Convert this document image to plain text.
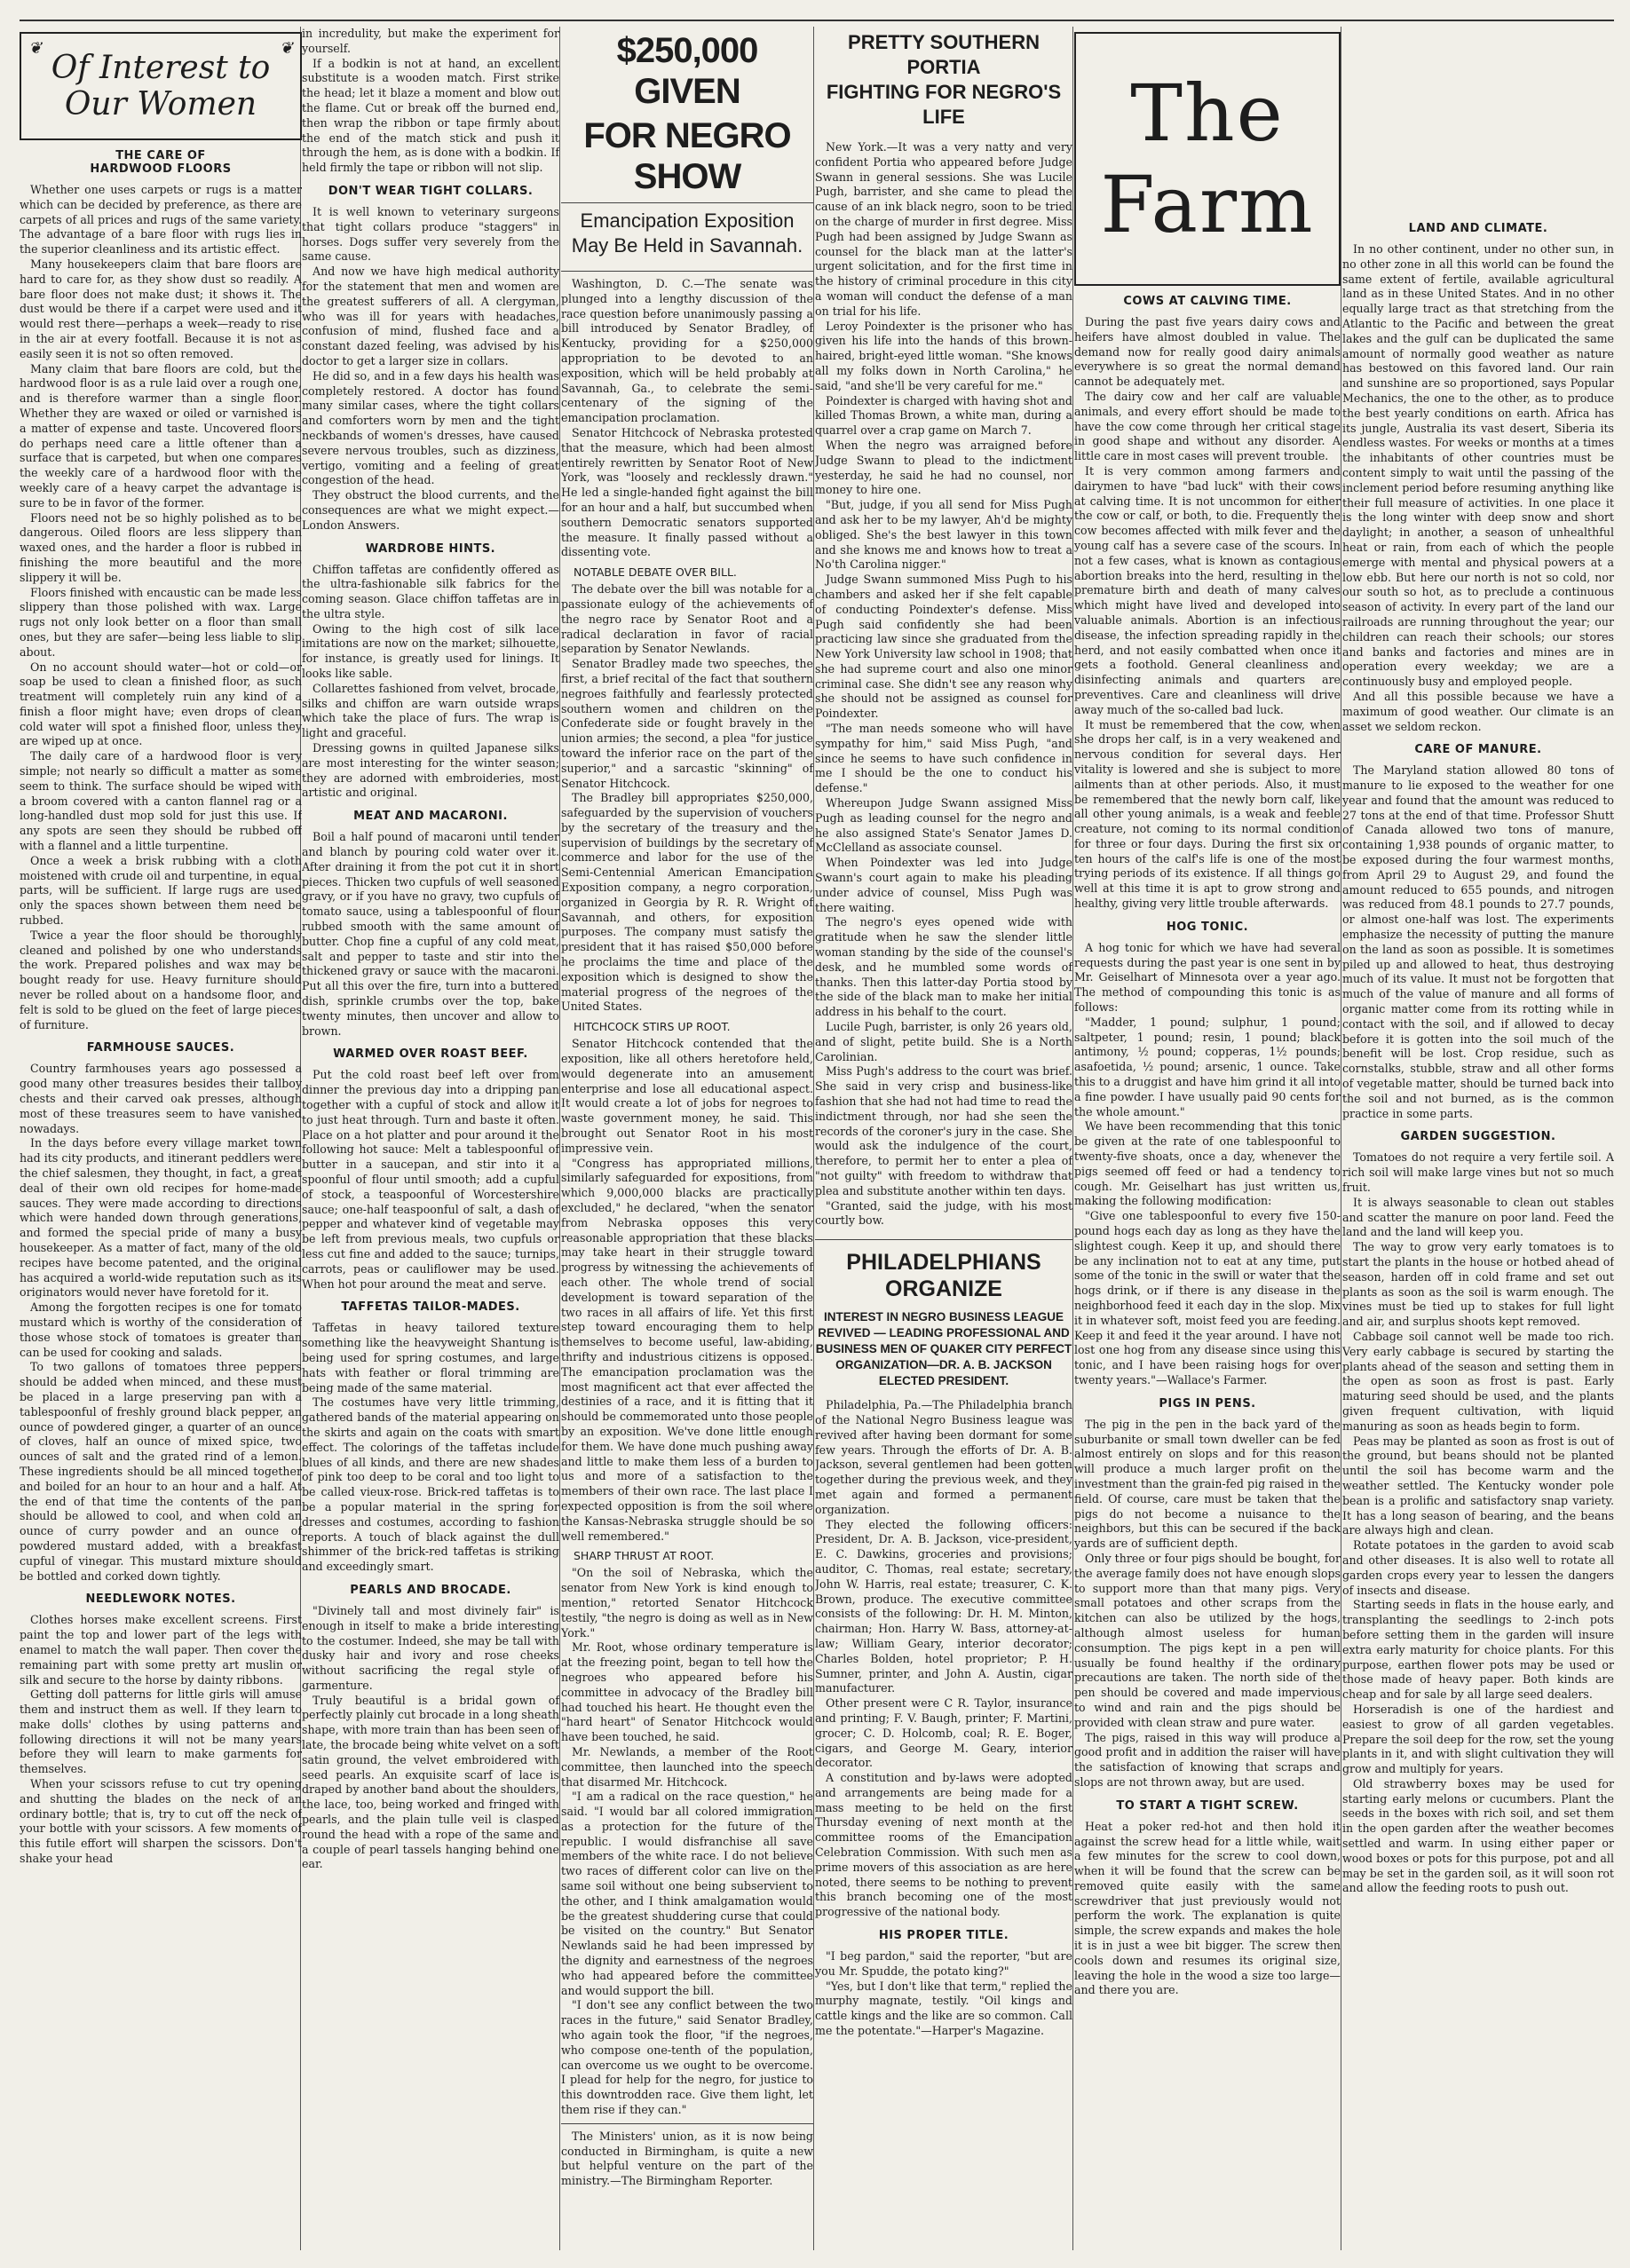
❦
Of Interest to Our Women
❦
THE CARE OF
HARDWOOD FLOORS

Whether one uses carpets or rugs is a matter which can be decided by preference, as there are carpets of all prices and rugs of the same variety. The advantage of a bare floor with rugs lies in the superior cleanliness and its artistic effect.

Many housekeepers claim that bare floors are hard to care for, as they show dust so readily. A bare floor does not make dust; it shows it. The dust would be there if a carpet were used and it would rest there—perhaps a week—ready to rise in the air at every footfall. Because it is not as easily seen it is not so often removed.

Many claim that bare floors are cold, but the hardwood floor is as a rule laid over a rough one, and is therefore warmer than a single floor. Whether they are waxed or oiled or varnished is a matter of expense and taste. Uncovered floors do perhaps need care a little oftener than a surface that is carpeted, but when one compares the weekly care of a hardwood floor with the weekly care of a heavy carpet the advantage is sure to be in favor of the former.

Floors need not be so highly polished as to be dangerous. Oiled floors are less slippery than waxed ones, and the harder a floor is rubbed in finishing the more beautiful and the more slippery it will be.

Floors finished with encaustic can be made less slippery than those polished with wax. Large rugs not only look better on a floor than small ones, but they are safer—being less liable to slip about.

On no account should water—hot or cold—or soap be used to clean a finished floor, as such treatment will completely ruin any kind of a finish a floor might have; even drops of clean cold water will spot a finished floor, unless they are wiped up at once.

The daily care of a hardwood floor is very simple; not nearly so difficult a matter as some seem to think. The surface should be wiped with a broom covered with a canton flannel rag or a long-handled dust mop sold for just this use. If any spots are seen they should be rubbed off with a flannel and a little turpentine.

Once a week a brisk rubbing with a cloth moistened with crude oil and turpentine, in equal parts, will be sufficient. If large rugs are used only the spaces shown between them need be rubbed.

Twice a year the floor should be thoroughly cleaned and polished by one who understands the work. Prepared polishes and wax may be bought ready for use. Heavy furniture should never be rolled about on a handsome floor, and felt is sold to be glued on the feet of large pieces of furniture.

FARMHOUSE SAUCES.

Country farmhouses years ago possessed a good many other treasures besides their tallboy chests and their carved oak presses, although most of these treasures seem to have vanished nowadays.

In the days before every village market town had its city products, and itinerant peddlers were the chief salesmen, they thought, in fact, a great deal of their own old recipes for home-made sauces. They were made according to directions which were handed down through generations, and formed the special pride of many a busy housekeeper. As a matter of fact, many of the old recipes have become patented, and the original has acquired a world-wide reputation such as its originators would never have foretold for it.

Among the forgotten recipes is one for tomato mustard which is worthy of the consideration of those whose stock of tomatoes is greater than can be used for cooking and salads.

To two gallons of tomatoes three peppers should be added when minced, and these must be placed in a large preserving pan with a tablespoonful of freshly ground black pepper, an ounce of powdered ginger, a quarter of an ounce of cloves, half an ounce of mixed spice, two ounces of salt and the grated rind of a lemon. These ingredients should be all minced together and boiled for an hour to an hour and a half. At the end of that time the contents of the pan should be allowed to cool, and when cold an ounce of curry powder and an ounce of powdered mustard added, with a breakfast cupful of vinegar. This mustard mixture should be bottled and corked down tightly.

NEEDLEWORK NOTES.

Clothes horses make excellent screens. First paint the top and lower part of the legs with enamel to match the wall paper. Then cover the remaining part with some pretty art muslin or silk and secure to the horse by dainty ribbons.

Getting doll patterns for little girls will amuse them and instruct them as well. If they learn to make dolls' clothes by using patterns and following directions it will not be many years before they will learn to make garments for themselves.

When your scissors refuse to cut try opening and shutting the blades on the neck of an ordinary bottle; that is, try to cut off the neck of your bottle with your scissors. A few moments of this futile effort will sharpen the scissors. Don't shake your head

in incredulity, but make the experiment for yourself.

If a bodkin is not at hand, an excellent substitute is a wooden match. First strike the head; let it blaze a moment and blow out the flame. Cut or break off the burned end, then wrap the ribbon or tape firmly about the end of the match stick and push it through the hem, as is done with a bodkin. If held firmly the tape or ribbon will not slip.

DON'T WEAR TIGHT COLLARS.

It is well known to veterinary surgeons that tight collars produce "staggers" in horses. Dogs suffer very severely from the same cause.

And now we have high medical authority for the statement that men and women are the greatest sufferers of all. A clergyman, who was ill for years with headaches, confusion of mind, flushed face and a constant dazed feeling, was advised by his doctor to get a larger size in collars.

He did so, and in a few days his health was completely restored. A doctor has found many similar cases, where the tight collars and comforters worn by men and the tight neckbands of women's dresses, have caused severe nervous troubles, such as dizziness, vertigo, vomiting and a feeling of great congestion of the head.

They obstruct the blood currents, and the consequences are what we might expect.—London Answers.

WARDROBE HINTS.

Chiffon taffetas are confidently offered as the ultra-fashionable silk fabrics for the coming season. Glace chiffon taffetas are in the ultra style.

Owing to the high cost of silk lace imitations are now on the market; silhouette, for instance, is greatly used for linings. It looks like sable.

Collarettes fashioned from velvet, brocade, silks and chiffon are warn outside wraps which take the place of furs. The wrap is light and graceful.

Dressing gowns in quilted Japanese silks are most interesting for the winter season; they are adorned with embroideries, most artistic and original.

MEAT AND MACARONI.

Boil a half pound of macaroni until tender and blanch by pouring cold water over it. After draining it from the pot cut it in short pieces. Thicken two cupfuls of well seasoned gravy, or if you have no gravy, two cupfuls of tomato sauce, using a tablespoonful of flour rubbed smooth with the same amount of butter. Chop fine a cupful of any cold meat, salt and pepper to taste and stir into the thickened gravy or sauce with the macaroni. Put all this over the fire, turn into a buttered dish, sprinkle crumbs over the top, bake twenty minutes, then uncover and allow to brown.

WARMED OVER ROAST BEEF.

Put the cold roast beef left over from dinner the previous day into a dripping pan together with a cupful of stock and allow it to just heat through. Turn and baste it often. Place on a hot platter and pour around it the following hot sauce: Melt a tablespoonful of butter in a saucepan, and stir into it a spoonful of flour until smooth; add a cupful of stock, a teaspoonful of Worcestershire sauce; one-half teaspoonful of salt, a dash of pepper and whatever kind of vegetable may be left from previous meals, two cupfuls or less cut fine and added to the sauce; turnips, carrots, peas or cauliflower may be used. When hot pour around the meat and serve.

TAFFETAS TAILOR-MADES.

Taffetas in heavy tailored texture something like the heavyweight Shantung is being used for spring costumes, and large hats with feather or floral trimming are being made of the same material.

The costumes have very little trimming, gathered bands of the material appearing on the skirts and again on the coats with smart effect. The colorings of the taffetas include blues of all kinds, and there are new shades of pink too deep to be coral and too light to be called vieux-rose. Brick-red taffetas is to be a popular material in the spring for dresses and costumes, according to fashion reports. A touch of black against the dull shimmer of the brick-red taffetas is striking and exceedingly smart.

PEARLS AND BROCADE.

"Divinely tall and most divinely fair" is enough in itself to make a bride interesting to the costumer. Indeed, she may be tall with dusky hair and ivory and rose cheeks without sacrificing the regal style of garmenture.

Truly beautiful is a bridal gown of perfectly plainly cut brocade in a long sheath shape, with more train than has been seen of late, the brocade being white velvet on a soft satin ground, the velvet embroidered with seed pearls. An exquisite scarf of lace is draped by another band about the shoulders, the lace, too, being worked and fringed with pearls, and the plain tulle veil is clasped round the head with a rope of the same and a couple of pearl tassels hanging behind one ear.

$250,000 GIVEN
FOR NEGRO SHOW
Emancipation Exposition May Be Held in Savannah.

Washington, D. C.—The senate was plunged into a lengthy discussion of the race question before unanimously passing a bill introduced by Senator Bradley, of Kentucky, providing for a $250,000 appropriation to be devoted to an exposition, which will be held probably at Savannah, Ga., to celebrate the semi-centenary of the signing of the emancipation proclamation.

Senator Hitchcock of Nebraska protested that the measure, which had been almost entirely rewritten by Senator Root of New York, was "loosely and recklessly drawn." He led a single-handed fight against the bill for an hour and a half, but succumbed when southern Democratic senators supported the measure. It finally passed without a dissenting vote.

NOTABLE DEBATE OVER BILL.

The debate over the bill was notable for a passionate eulogy of the achievements of the negro race by Senator Root and a radical declaration in favor of racial separation by Senator Newlands.

Senator Bradley made two speeches, the first, a brief recital of the fact that southern negroes faithfully and fearlessly protected southern women and children on the Confederate side or fought bravely in the union armies; the second, a plea "for justice toward the inferior race on the part of the superior," and a sarcastic "skinning" of Senator Hitchcock.

The Bradley bill appropriates $250,000, safeguarded by the supervision of vouchers by the secretary of the treasury and the supervision of buildings by the secretary of commerce and labor for the use of the Semi-Centennial American Emancipation Exposition company, a negro corporation, organized in Georgia by R. R. Wright of Savannah, and others, for exposition purposes. The company must satisfy the president that it has raised $50,000 before he proclaims the time and place of the exposition which is designed to show the material progress of the negroes of the United States.

HITCHCOCK STIRS UP ROOT.

Senator Hitchcock contended that the exposition, like all others heretofore held, would degenerate into an amusement enterprise and lose all educational aspect. It would create a lot of jobs for negroes to waste government money, he said. This brought out Senator Root in his most impressive vein.

"Congress has appropriated millions, similarly safeguarded for expositions, from which 9,000,000 blacks are practically excluded," he declared, "when the senator from Nebraska opposes this very reasonable appropriation that these blacks may take heart in their struggle toward progress by witnessing the achievements of each other. The whole trend of social development is toward separation of the two races in all affairs of life. Yet this first step toward encouraging them to help themselves to become useful, law-abiding, thrifty and industrious citizens is opposed. The emancipation proclamation was the most magnificent act that ever affected the destinies of a race, and it is fitting that it should be commemorated unto those people by an exposition. We've done little enough for them. We have done much pushing away and little to make them less of a burden to us and more of a satisfaction to the members of their own race. The last place I expected opposition is from the soil where the Kansas-Nebraska struggle should be so well remembered."

SHARP THRUST AT ROOT.

"On the soil of Nebraska, which the senator from New York is kind enough to mention," retorted Senator Hitchcock testily, "the negro is doing as well as in New York."

Mr. Root, whose ordinary temperature is at the freezing point, began to tell how the negroes who appeared before his committee in advocacy of the Bradley bill had touched his heart. He thought even the "hard heart" of Senator Hitchcock would have been touched, he said.

Mr. Newlands, a member of the Root committee, then launched into the speech that disarmed Mr. Hitchcock.

"I am a radical on the race question," he said. "I would bar all colored immigration as a protection for the future of the republic. I would disfranchise all save members of the white race. I do not believe two races of different color can live on the same soil without one being subservient to the other, and I think amalgamation would be the greatest shuddering curse that could be visited on the country." But Senator Newlands said he had been impressed by the dignity and earnestness of the negroes who had appeared before the committee and would support the bill.

"I don't see any conflict between the two races in the future," said Senator Bradley, who again took the floor, "if the negroes, who compose one-tenth of the population, can overcome us we ought to be overcome. I plead for help for the negro, for justice to this downtrodden race. Give them light, let them rise if they can."

The Ministers' union, as it is now being conducted in Birmingham, is quite a new but helpful venture on the part of the ministry.—The Birmingham Reporter.

PRETTY SOUTHERN PORTIA
FIGHTING FOR NEGRO'S LIFE

New York.—It was a very natty and very confident Portia who appeared before Judge Swann in general sessions. She was Lucile Pugh, barrister, and she came to plead the cause of an ink black negro, soon to be tried on the charge of murder in first degree. Miss Pugh had been assigned by Judge Swann as counsel for the black man at the latter's urgent solicitation, and for the first time in the history of criminal procedure in this city a woman will conduct the defense of a man on trial for his life.

Leroy Poindexter is the prisoner who has given his life into the hands of this brown-haired, bright-eyed little woman. "She knows all my folks down in North Carolina," he said, "and she'll be very careful for me."

Poindexter is charged with having shot and killed Thomas Brown, a white man, during a quarrel over a crap game on March 7.

When the negro was arraigned before Judge Swann to plead to the indictment yesterday, he said he had no counsel, nor money to hire one.

"But, judge, if you all send for Miss Pugh and ask her to be my lawyer, Ah'd be mighty obliged. She's the best lawyer in this town and she knows me and knows how to treat a No'th Carolina nigger."

Judge Swann summoned Miss Pugh to his chambers and asked her if she felt capable of conducting Poindexter's defense. Miss Pugh said confidently she had been practicing law since she graduated from the New York University law school in 1908; that she had supreme court and also one minor criminal case. She didn't see any reason why she should not be assigned as counsel for Poindexter.

"The man needs someone who will have sympathy for him," said Miss Pugh, "and since he seems to have such confidence in me I should be the one to conduct his defense."

Whereupon Judge Swann assigned Miss Pugh as leading counsel for the negro and he also assigned State's Senator James D. McClelland as associate counsel.

When Poindexter was led into Judge Swann's court again to make his pleading under advice of counsel, Miss Pugh was there waiting.

The negro's eyes opened wide with gratitude when he saw the slender little woman standing by the side of the counsel's desk, and he mumbled some words of thanks. Then this latter-day Portia stood by the side of the black man to make her initial address in his behalf to the court.

Lucile Pugh, barrister, is only 26 years old, and of slight, petite build. She is a North Carolinian.

Miss Pugh's address to the court was brief. She said in very crisp and business-like fashion that she had not had time to read the indictment through, nor had she seen the records of the coroner's jury in the case. She would ask the indulgence of the court, therefore, to permit her to enter a plea of "not guilty" with freedom to withdraw that plea and substitute another within ten days.

"Granted, said the judge, with his most courtly bow.

PHILADELPHIANS ORGANIZE
INTEREST IN NEGRO BUSINESS LEAGUE REVIVED — LEADING PROFESSIONAL AND BUSINESS MEN OF QUAKER CITY PERFECT ORGANIZATION—DR. A. B. JACKSON ELECTED PRESIDENT.

Philadelphia, Pa.—The Philadelphia branch of the National Negro Business league was revived after having been dormant for some few years. Through the efforts of Dr. A. B. Jackson, several gentlemen had been gotten together during the previous week, and they met again and formed a permanent organization.

They elected the following officers: President, Dr. A. B. Jackson, vice-president, E. C. Dawkins, groceries and provisions; auditor, C. Thomas, real estate; secretary, John W. Harris, real estate; treasurer, C. K. Brown, produce. The executive committee consists of the following: Dr. H. M. Minton, chairman; Hon. Harry W. Bass, attorney-at-law; William Geary, interior decorator; Charles Bolden, hotel proprietor; P. H. Sumner, printer, and John A. Austin, cigar manufacturer.

Other present were C R. Taylor, insurance and printing; F. V. Baugh, printer; F. Martini, grocer; C. D. Holcomb, coal; R. E. Boger, cigars, and George M. Geary, interior decorator.

A constitution and by-laws were adopted and arrangements are being made for a mass meeting to be held on the first Thursday evening of next month at the committee rooms of the Emancipation Celebration Commission. With such men as prime movers of this association as are here noted, there seems to be nothing to prevent this branch becoming one of the most progressive of the national body.

HIS PROPER TITLE.

"I beg pardon," said the reporter, "but are you Mr. Spudde, the potato king?"

"Yes, but I don't like that term," replied the murphy magnate, testily. "Oil kings and cattle kings and the like are so common. Call me the potentate."—Harper's Magazine.

The Farm
COWS AT CALVING TIME.

During the past five years dairy cows and heifers have almost doubled in value. The demand now for really good dairy animals everywhere is so great the normal demand cannot be adequately met.

The dairy cow and her calf are valuable animals, and every effort should be made to have the cow come through her critical stage in good shape and without any disorder. A little care in most cases will prevent trouble.

It is very common among farmers and dairymen to have "bad luck" with their cows at calving time. It is not uncommon for either the cow or calf, or both, to die. Frequently the cow becomes affected with milk fever and the young calf has a severe case of the scours. In not a few cases, what is known as contagious abortion breaks into the herd, resulting in the premature birth and death of many calves which might have lived and developed into valuable animals. Abortion is an infectious disease, the infection spreading rapidly in the herd, and not easily combatted when once it gets a foothold. General cleanliness and disinfecting animals and quarters are preventives. Care and cleanliness will drive away much of the so-called bad luck.

It must be remembered that the cow, when she drops her calf, is in a very weakened and nervous condition for several days. Her vitality is lowered and she is subject to more ailments than at other periods. Also, it must be remembered that the newly born calf, like all other young animals, is a weak and feeble creature, not coming to its normal condition for three or four days. During the first six or ten hours of the calf's life is one of the most trying periods of its existence. If all things go well at this time it is apt to grow strong and healthy, giving very little trouble afterwards.

HOG TONIC.

A hog tonic for which we have had several requests during the past year is one sent in by Mr. Geiselhart of Minnesota over a year ago. The method of compounding this tonic is as follows:

"Madder, 1 pound; sulphur, 1 pound; saltpeter, 1 pound; resin, 1 pound; black antimony, ½ pound; copperas, 1½ pounds; asafoetida, ½ pound; arsenic, 1 ounce. Take this to a druggist and have him grind it all into a fine powder. I have usually paid 90 cents for the whole amount."

We have been recommending that this tonic be given at the rate of one tablespoonful to twenty-five shoats, once a day, whenever the pigs seemed off feed or had a tendency to cough. Mr. Geiselhart has just written us, making the following modification:

"Give one tablespoonful to every five 150-pound hogs each day as long as they have the slightest cough. Keep it up, and should there be any inclination not to eat at any time, put some of the tonic in the swill or water that the hogs drink, or if there is any disease in the neighborhood feed it each day in the slop. Mix it in whatever soft, moist feed you are feeding. Keep it and feed it the year around. I have not lost one hog from any disease since using this tonic, and I have been raising hogs for over twenty years."—Wallace's Farmer.

PIGS IN PENS.

The pig in the pen in the back yard of the suburbanite or small town dweller can be fed almost entirely on slops and for this reason will produce a much larger profit on the investment than the grain-fed pig raised in the field. Of course, care must be taken that the pigs do not become a nuisance to the neighbors, but this can be secured if the back yards are of sufficient depth.

Only three or four pigs should be bought, for the average family does not have enough slops to support more than that many pigs. Very small potatoes and other scraps from the kitchen can also be utilized by the hogs, although almost useless for human consumption. The pigs kept in a pen will usually be found healthy if the ordinary precautions are taken. The north side of the pen should be covered and made impervious to wind and rain and the pigs should be provided with clean straw and pure water.

The pigs, raised in this way will produce a good profit and in addition the raiser will have the satisfaction of knowing that scraps and slops are not thrown away, but are used.

TO START A TIGHT SCREW.

Heat a poker red-hot and then hold it against the screw head for a little while, wait a few minutes for the screw to cool down, when it will be found that the screw can be removed quite easily with the same screwdriver that just previously would not perform the work. The explanation is quite simple, the screw expands and makes the hole it is in just a wee bit bigger. The screw then cools down and resumes its original size, leaving the hole in the wood a size too large—and there you are.

LAND AND CLIMATE.

In no other continent, under no other sun, in no other zone in all this world can be found the same extent of fertile, available agricultural land as in these United States. And in no other equally large tract as that stretching from the Atlantic to the Pacific and between the great lakes and the gulf can be duplicated the same amount of normally good weather as nature has bestowed on this favored land. Our rain and sunshine are so proportioned, says Popular Mechanics, the one to the other, as to produce the best yearly conditions on earth. Africa has its jungle, Australia its vast desert, Siberia its endless wastes. For weeks or months at a times the inhabitants of other countries must be content simply to wait until the passing of the inclement period before resuming anything like their full measure of activities. In one place it is the long winter with deep snow and short daylight; in another, a season of unhealthful heat or rain, from each of which the people emerge with mental and physical powers at a low ebb. But here our north is not so cold, nor our south so hot, as to preclude a continuous season of activity. In every part of the land our railroads are running throughout the year; our children can reach their schools; our stores and banks and factories and mines are in operation every weekday; we are a continuously busy and employed people.

And all this possible because we have a maximum of good weather. Our climate is an asset we seldom reckon.

CARE OF MANURE.

The Maryland station allowed 80 tons of manure to lie exposed to the weather for one year and found that the amount was reduced to 27 tons at the end of that time. Professor Shutt of Canada allowed two tons of manure, containing 1,938 pounds of organic matter, to be exposed during the four warmest months, from April 29 to August 29, and found the amount reduced to 655 pounds, and nitrogen was reduced from 48.1 pounds to 27.7 pounds, or almost one-half was lost. The experiments emphasize the necessity of putting the manure on the land as soon as possible. It is sometimes piled up and allowed to heat, thus destroying much of its value. It must not be forgotten that much of the value of manure and all forms of organic matter come from its rotting while in contact with the soil, and if allowed to decay before it is gotten into the soil much of the benefit will be lost. Crop residue, such as cornstalks, stubble, straw and all other forms of vegetable matter, should be turned back into the soil and not burned, as is the common practice in some parts.

GARDEN SUGGESTION.

Tomatoes do not require a very fertile soil. A rich soil will make large vines but not so much fruit.

It is always seasonable to clean out stables and scatter the manure on poor land. Feed the land and the land will keep you.

The way to grow very early tomatoes is to start the plants in the house or hotbed ahead of season, harden off in cold frame and set out plants as soon as the soil is warm enough. The vines must be tied up to stakes for full light and air, and surplus shoots kept removed.

Cabbage soil cannot well be made too rich. Very early cabbage is secured by starting the plants ahead of the season and setting them in the open as soon as frost is past. Early maturing seed should be used, and the plants given frequent cultivation, with liquid manuring as soon as heads begin to form.

Peas may be planted as soon as frost is out of the ground, but beans should not be planted until the soil has become warm and the weather settled. The Kentucky wonder pole bean is a prolific and satisfactory snap variety. It has a long season of bearing, and the beans are always high and clean.

Rotate potatoes in the garden to avoid scab and other diseases. It is also well to rotate all garden crops every year to lessen the dangers of insects and disease.

Starting seeds in flats in the house early, and transplanting the seedlings to 2-inch pots before setting them in the garden will insure extra early maturity for choice plants. For this purpose, earthen flower pots may be used or those made of heavy paper. Both kinds are cheap and for sale by all large seed dealers.

Horseradish is one of the hardiest and easiest to grow of all garden vegetables. Prepare the soil deep for the row, set the young plants in it, and with slight cultivation they will grow and multiply for years.

Old strawberry boxes may be used for starting early melons or cucumbers. Plant the seeds in the boxes with rich soil, and set them in the open garden after the weather becomes settled and warm. In using either paper or wood boxes or pots for this purpose, pot and all may be set in the garden soil, as it will soon rot and allow the feeding roots to push out.
